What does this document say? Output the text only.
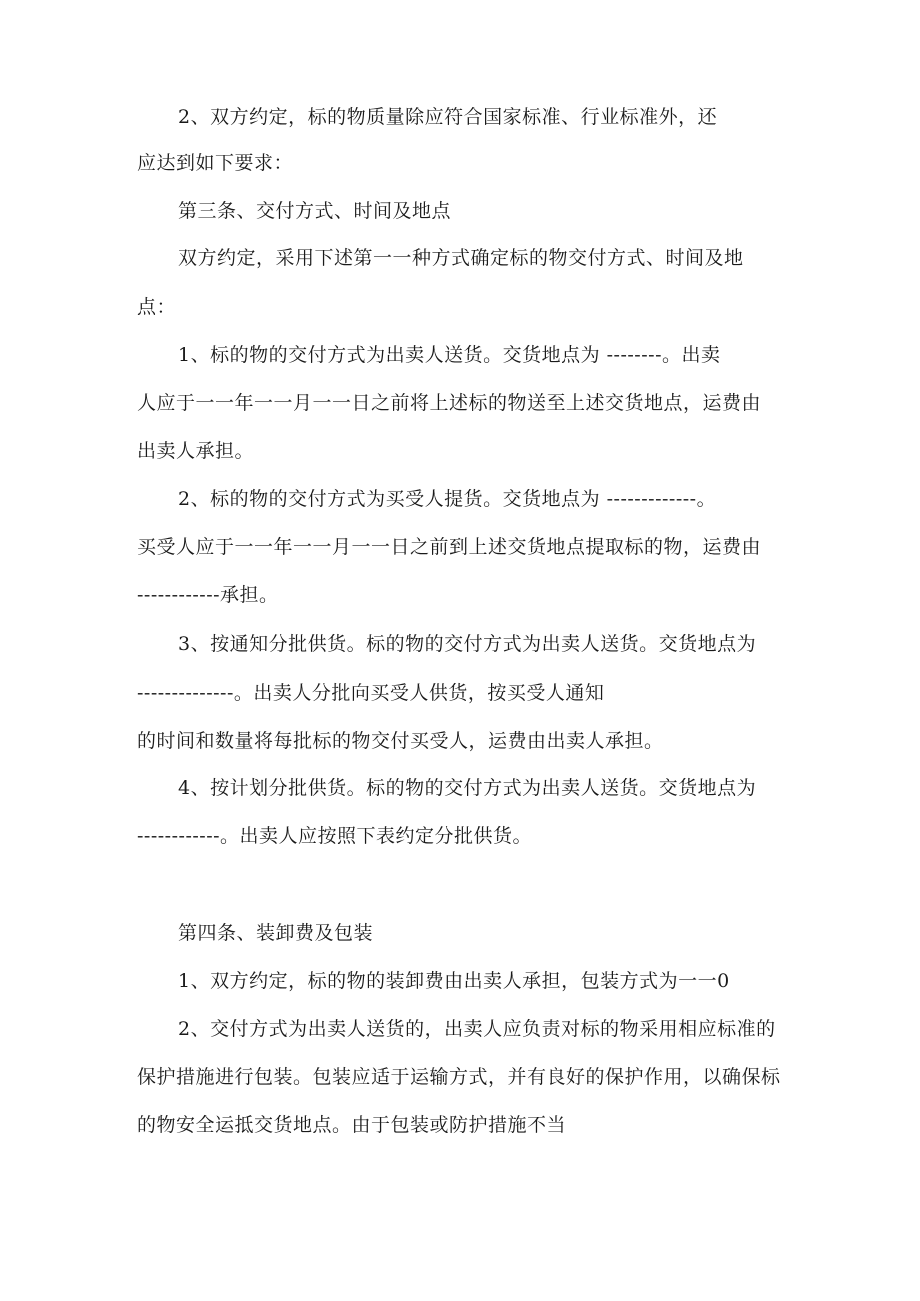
2、双方约定，标的物质量除应符合国家标准、行业标准外，还
应达到如下要求：
第三条、交付方式、时间及地点
双方约定，采用下述第一一种方式确定标的物交付方式、时间及地
点：
1、标的物的交付方式为出卖人送货。交货地点为 --------。出卖
人应于一一年一一月一一日之前将上述标的物送至上述交货地点，运费由
出卖人承担。
2、标的物的交付方式为买受人提货。交货地点为 -------------。
买受人应于一一年一一月一一日之前到上述交货地点提取标的物，运费由
------------承担。
3、按通知分批供货。标的物的交付方式为出卖人送货。交货地点为
--------------。出卖人分批向买受人供货，按买受人通知
的时间和数量将每批标的物交付买受人，运费由出卖人承担。
4、按计划分批供货。标的物的交付方式为出卖人送货。交货地点为
------------。出卖人应按照下表约定分批供货。
第四条、装卸费及包装
1、双方约定，标的物的装卸费由出卖人承担，包装方式为一一0
2、交付方式为出卖人送货的，出卖人应负责对标的物采用相应标准的
保护措施进行包装。包装应适于运输方式，并有良好的保护作用，以确保标
的物安全运抵交货地点。由于包装或防护措施不当
